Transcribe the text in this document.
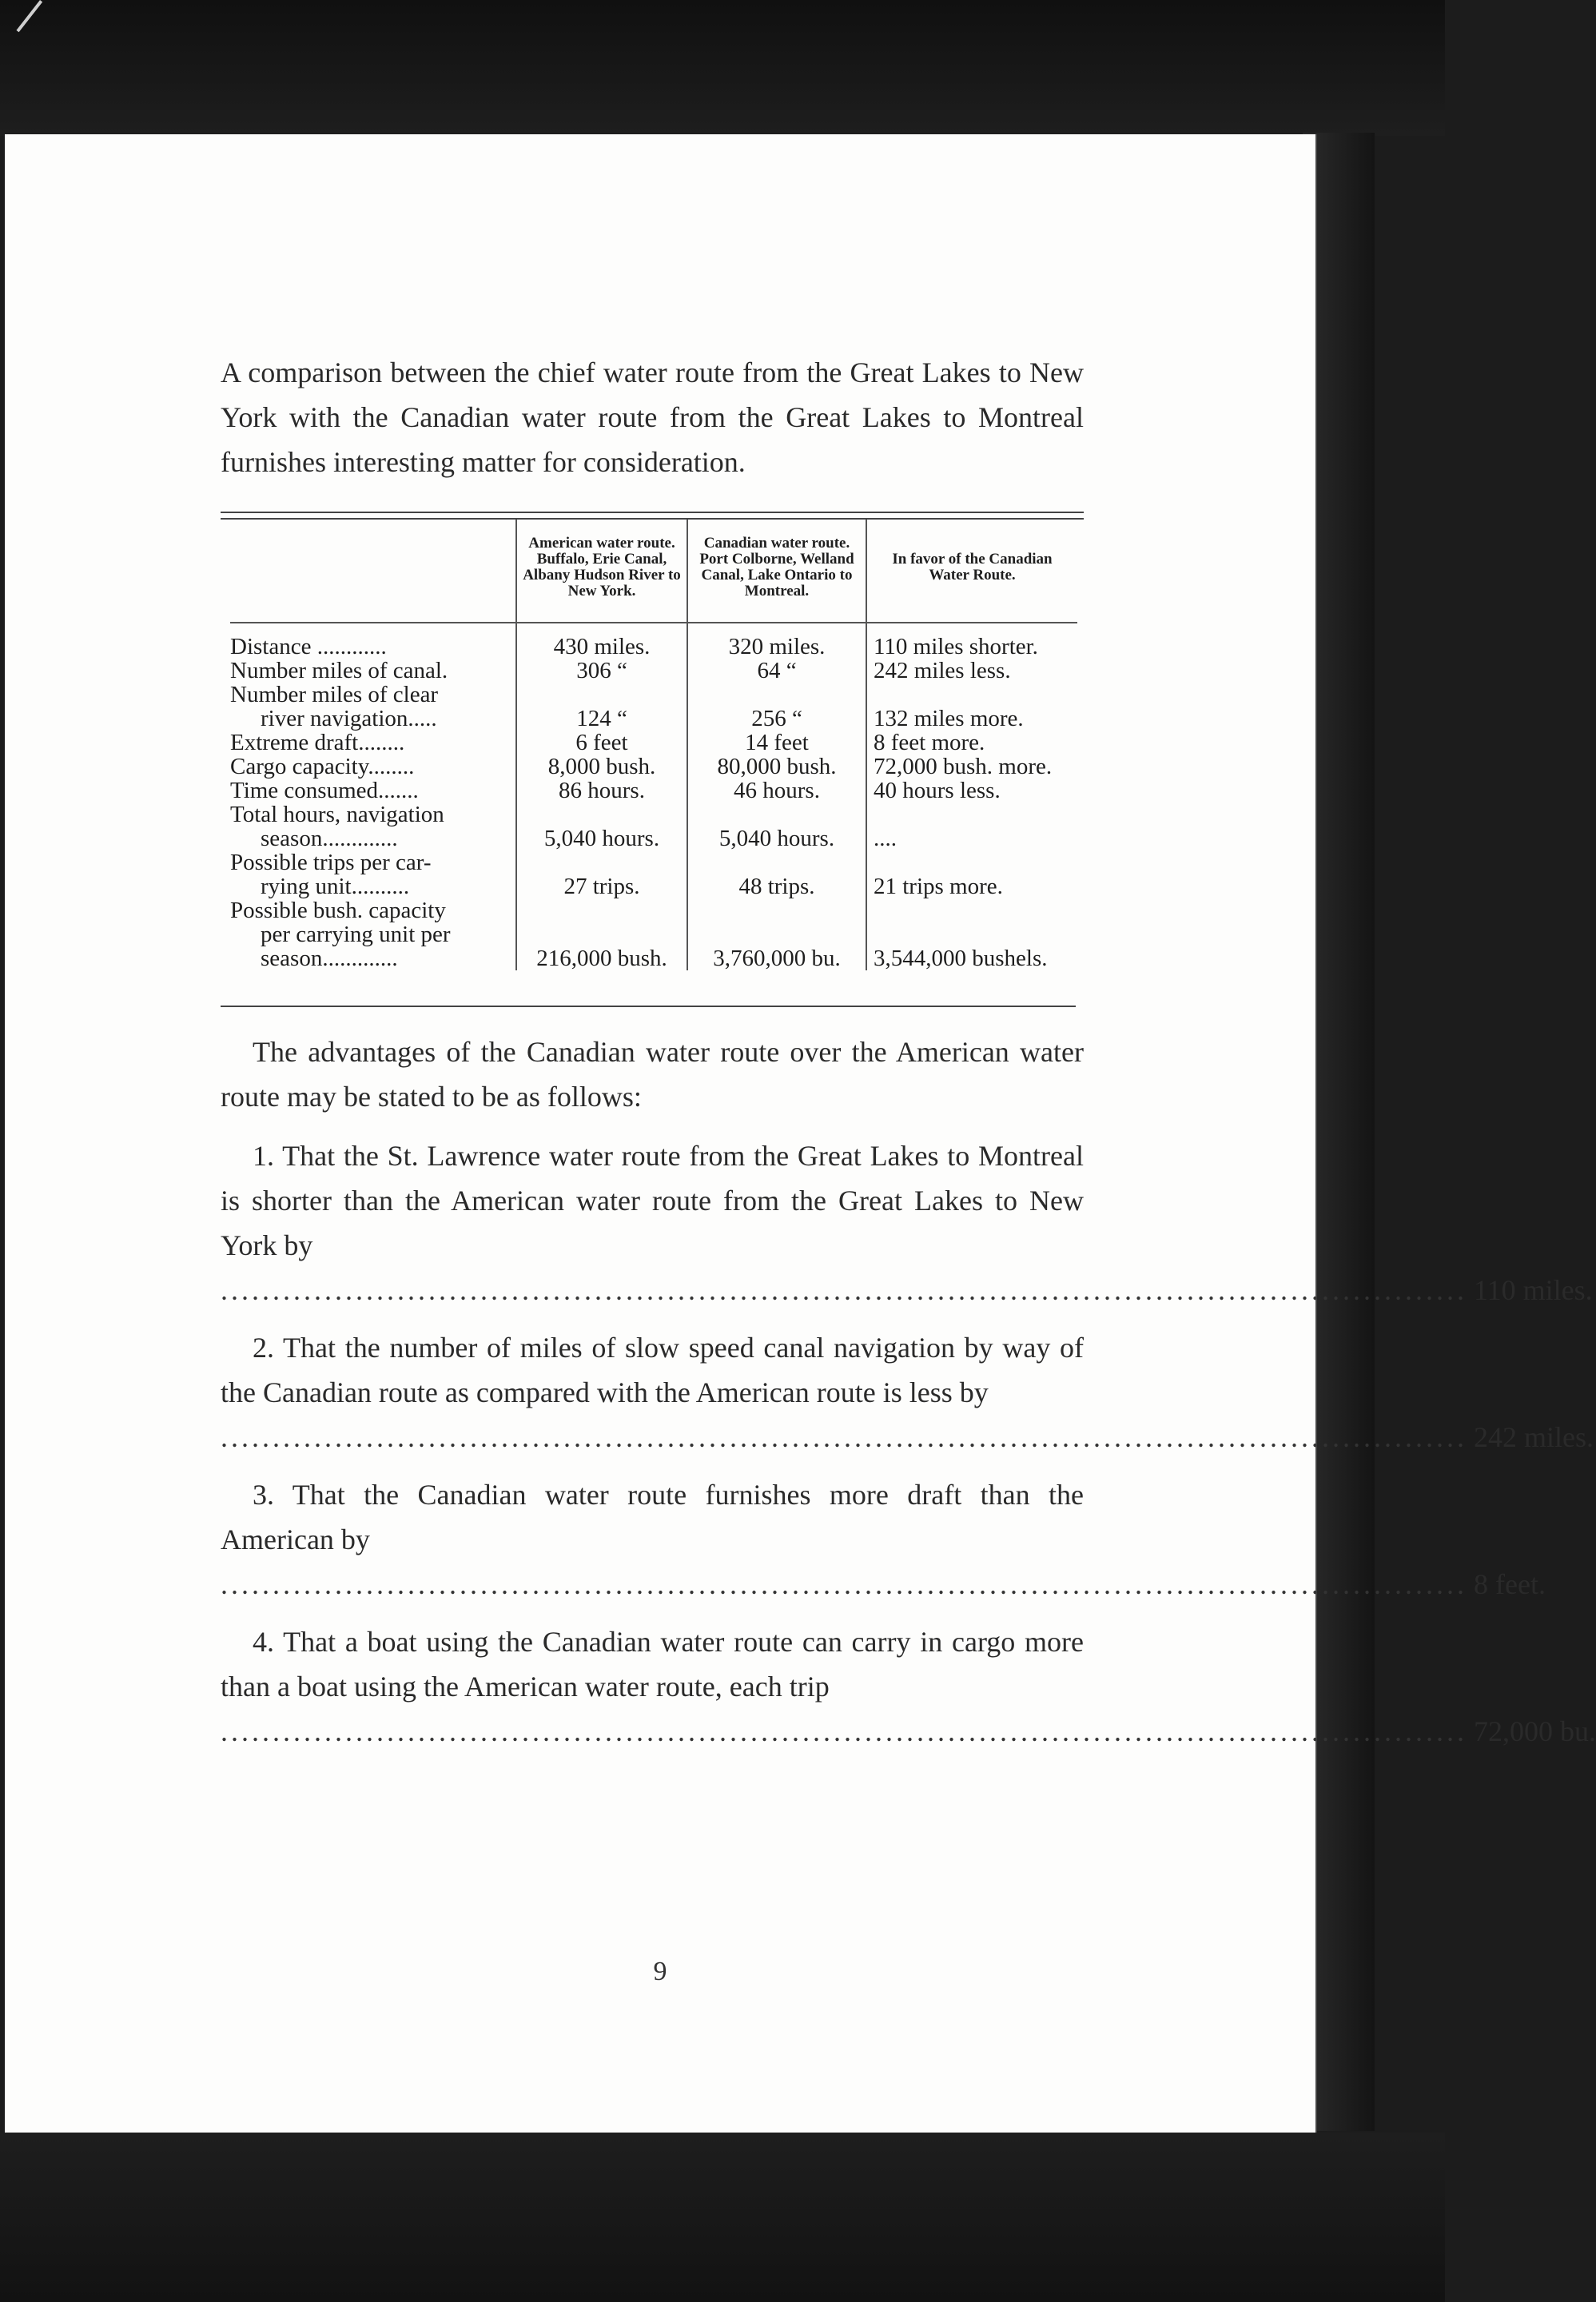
A comparison between the chief water route from the Great Lakes to New York with the Canadian water route from the Great Lakes to Montreal furnishes interesting matter for consideration.

	American water route. Buffalo, Erie Canal, Albany Hudson River to New York.	Canadian water route. Port Colborne, Welland Canal, Lake Ontario to Montreal.	In favor of the Canadian Water Route.

Distance ............	430 miles.	320 miles.	110 miles shorter.

Number miles of canal.	306 “	64 “	242 miles less.

Number miles of clear
river navigation.....	124 “	256 “	132 miles more.

Extreme draft........	6 feet	14 feet	8 feet more.

Cargo capacity........	8,000 bush.	80,000 bush.	72,000 bush. more.

Time consumed.......	86 hours.	46 hours.	40 hours less.

Total hours, navigation
season.............	5,040 hours.	5,040 hours.	....

Possible trips per car-
rying unit..........	27 trips.	48 trips.	21 trips more.

Possible bush. capacity
per carrying unit per
season.............	216,000 bush.	3,760,000 bu.	3,544,000 bushels.

The advantages of the Canadian water route over the American water route may be stated to be as follows:

1. That the St. Lawrence water route from the Great Lakes to Montreal is shorter than the American water route from the Great Lakes to New York by
........................................................................................................................ 110 miles.

2. That the number of miles of slow speed canal navigation by way of the Canadian route as compared with the American route is less by
........................................................................................................................ 242 miles.

3. That the Canadian water route furnishes more draft than the American by
........................................................................................................................ 8 feet.

4. That a boat using the Canadian water route can carry in cargo more than a boat using the American water route, each trip
........................................................................................................................ 72,000 bu.

9
